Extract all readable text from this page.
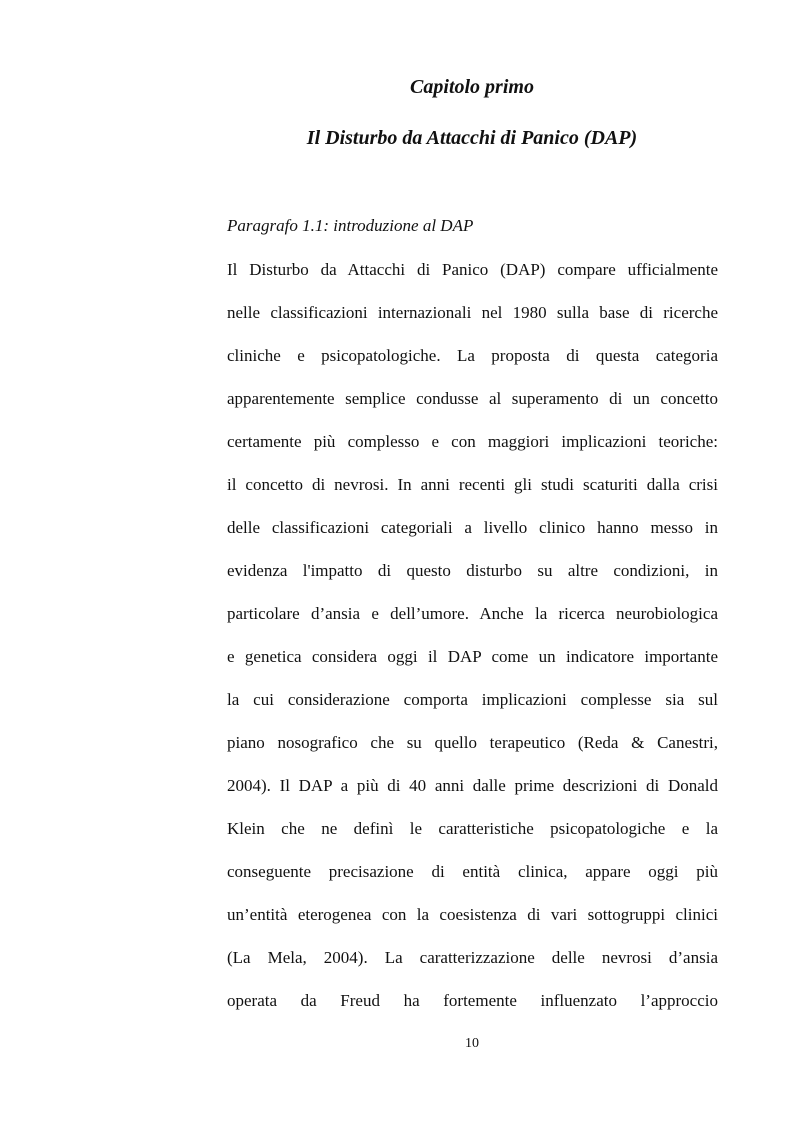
Capitolo primo
Il Disturbo da Attacchi di Panico (DAP)

Paragrafo 1.1: introduzione al DAP

Il Disturbo da Attacchi di Panico (DAP) compare ufficialmente

nelle classificazioni internazionali nel 1980 sulla base di ricerche

cliniche e psicopatologiche. La proposta di questa categoria

apparentemente semplice condusse al superamento di un concetto

certamente più complesso e con maggiori implicazioni teoriche:

il concetto di nevrosi. In anni recenti gli studi scaturiti dalla crisi

delle classificazioni categoriali a livello clinico hanno messo in

evidenza l'impatto di questo disturbo su altre condizioni, in

particolare d’ansia e dell’umore. Anche la ricerca neurobiologica

e genetica considera oggi il DAP come un indicatore importante

la cui considerazione comporta implicazioni complesse sia sul

piano nosografico che su quello terapeutico (Reda & Canestri,

2004). Il DAP a più di 40 anni dalle prime descrizioni di Donald

Klein che ne definì le caratteristiche psicopatologiche e la

conseguente precisazione di entità clinica, appare oggi più

un’entità eterogenea con la coesistenza di vari sottogruppi clinici

(La Mela, 2004). La caratterizzazione delle nevrosi d’ansia

operata da Freud ha fortemente influenzato l’approccio

10
